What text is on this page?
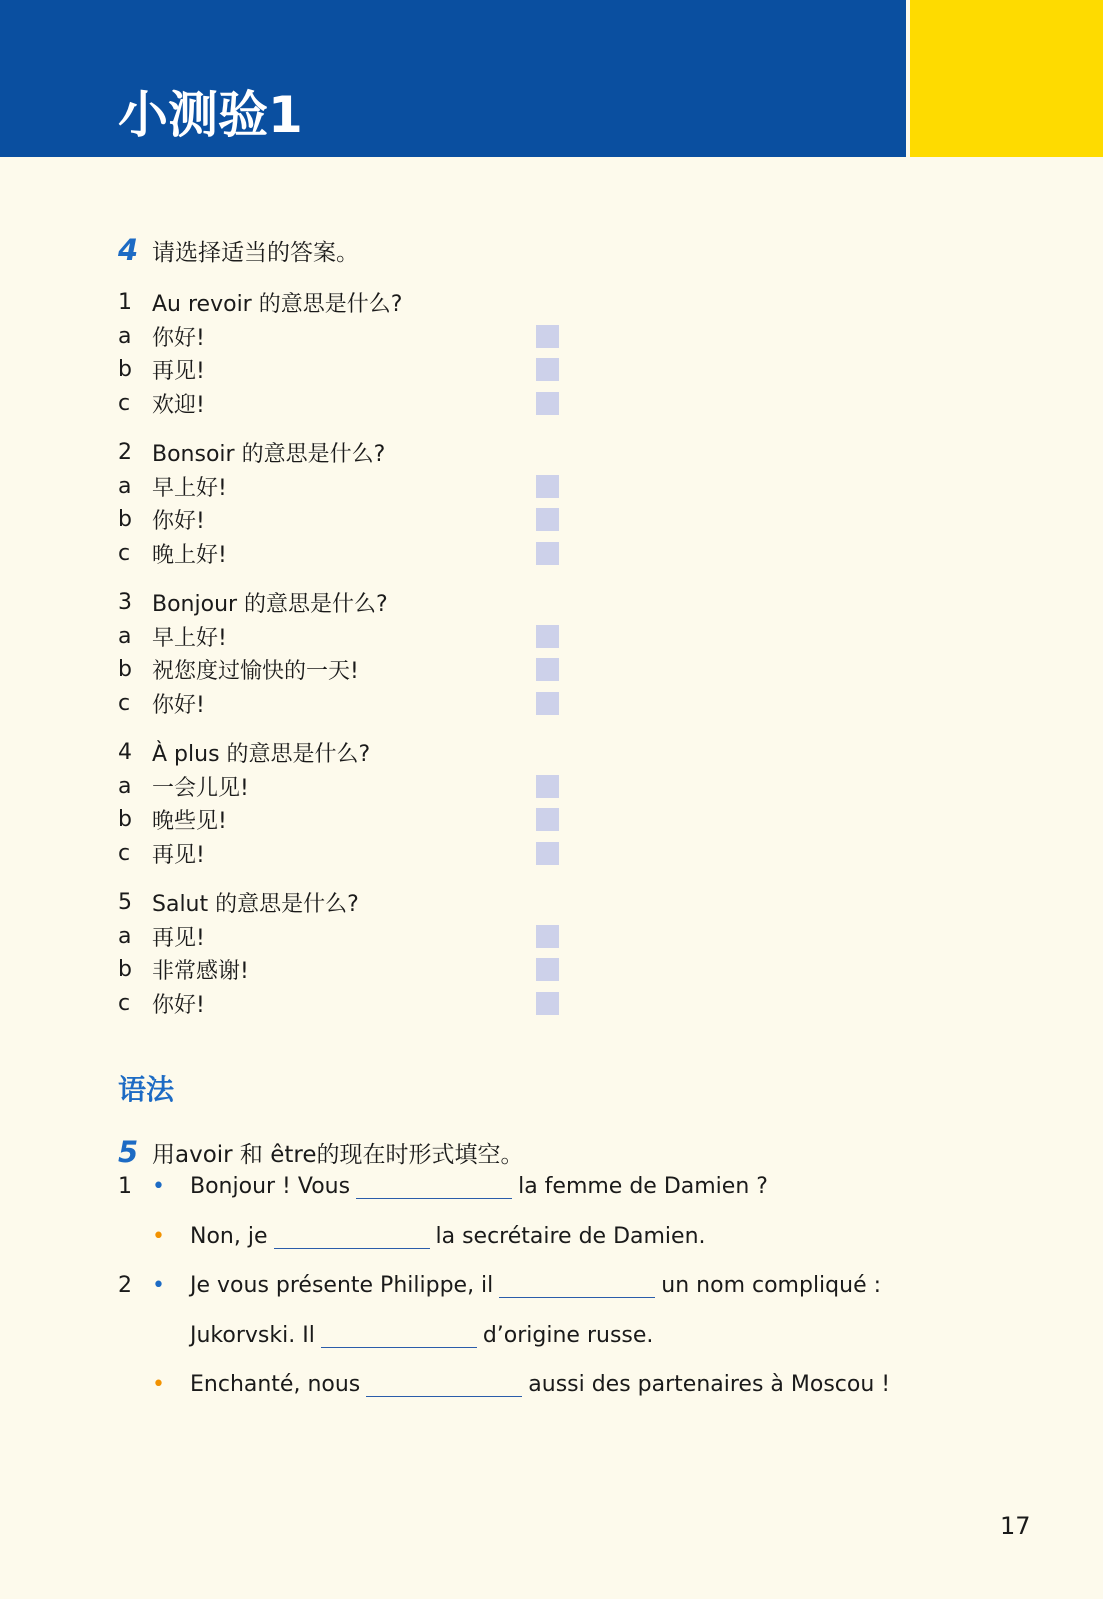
小测验1
4 请选择适当的答案。
1 Au revoir 的意思是什么?
a 你好!
b 再见!
c 欢迎!
2 Bonsoir 的意思是什么?
a 早上好!
b 你好!
c 晚上好!
3 Bonjour 的意思是什么?
a 早上好!
b 祝您度过愉快的一天!
c 你好!
4 À plus 的意思是什么?
a 一会儿见!
b 晚些见!
c 再见!
5 Salut 的意思是什么?
a 再见!
b 非常感谢!
c 你好!
语法
5 用avoir 和 être的现在时形式填空。
1 •	Bonjour ! Vous	la femme de Damien ?
•	Non, je	la secrétaire de Damien.
2 •	Je vous présente Philippe, il	un nom compliqué :
Jukorvski. Il	d’origine russe.
•	Enchanté, nous	aussi des partenaires à Moscou !
17
